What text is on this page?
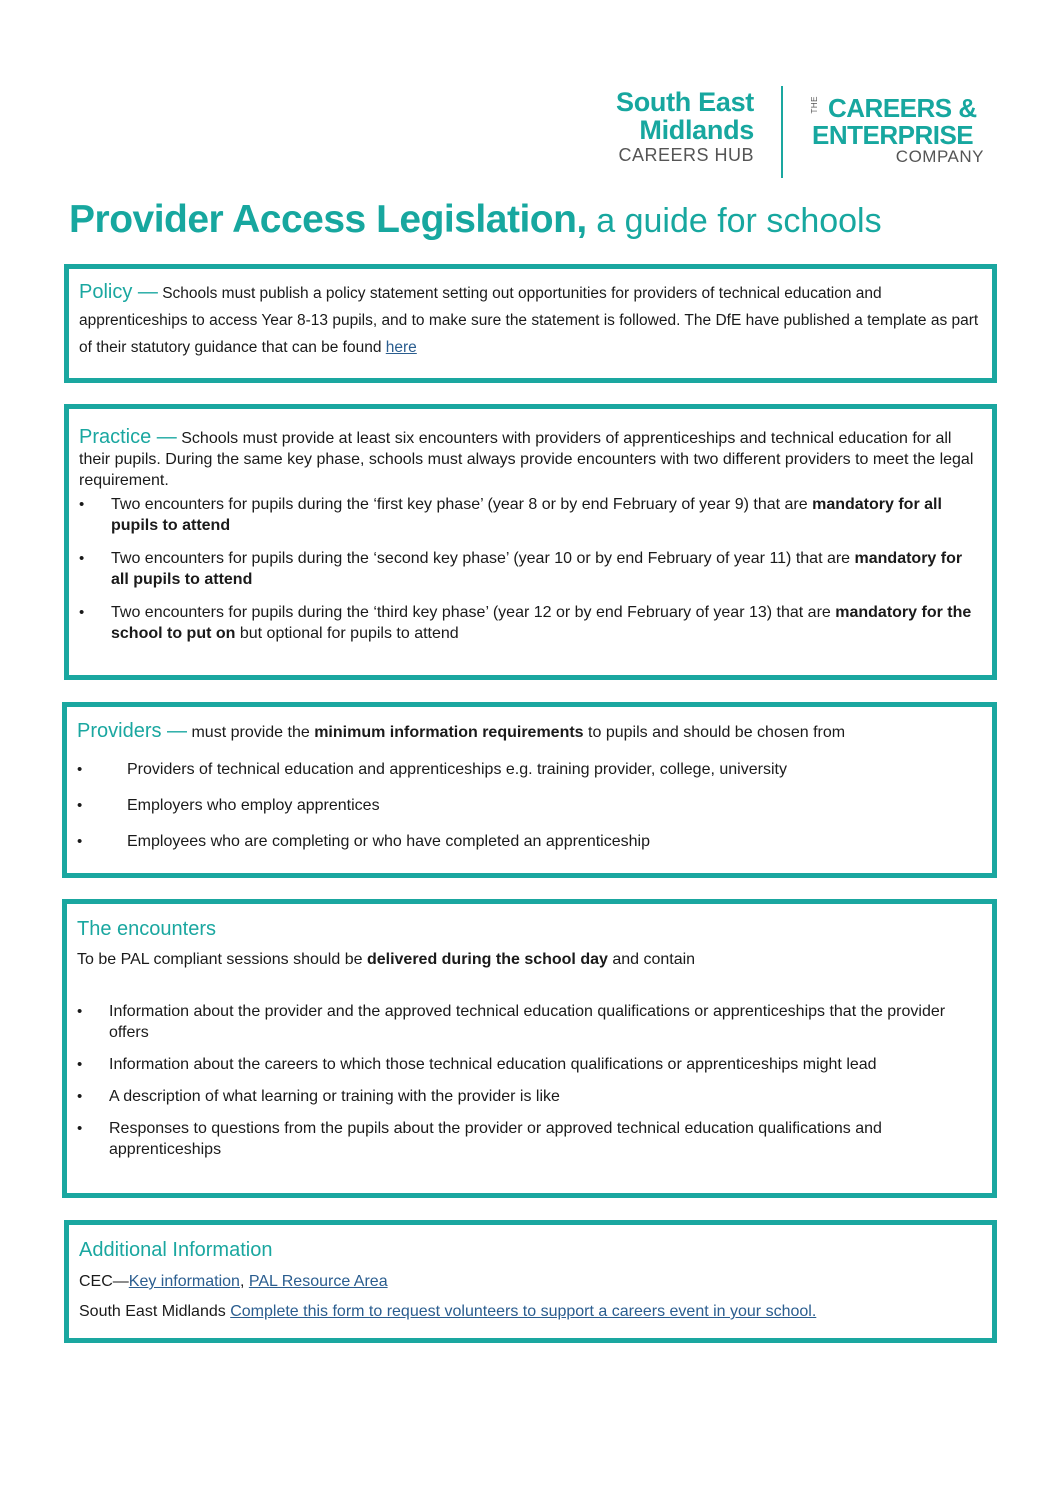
South East
Midlands
CAREERS HUB
THE CAREERS &
ENTERPRISE
COMPANY
Provider Access Legislation, a guide for schools

Policy — Schools must publish a policy statement setting out opportunities for providers of technical education and apprenticeships to access Year 8-13 pupils, and to make sure the statement is followed. The DfE have published a template as part of their statutory guidance that can be found here

Practice — Schools must provide at least six encounters with providers of apprenticeships and technical education for all their pupils. During the same key phase, schools must always provide encounters with two different providers to meet the legal requirement.

• Two encounters for pupils during the ‘first key phase’ (year 8 or by end February of year 9) that are mandatory for all pupils to attend
• Two encounters for pupils during the ‘second key phase’ (year 10 or by end February of year 11) that are mandatory for all pupils to attend
• Two encounters for pupils during the ‘third key phase’ (year 12 or by end February of year 13) that are mandatory for the school to put on but optional for pupils to attend

Providers — must provide the minimum information requirements to pupils and should be chosen from

• Providers of technical education and apprenticeships e.g. training provider, college, university
• Employers who employ apprentices
• Employees who are completing or who have completed an apprenticeship
The encounters

To be PAL compliant sessions should be delivered during the school day and contain

• Information about the provider and the approved technical education qualifications or apprenticeships that the provider offers
• Information about the careers to which those technical education qualifications or apprenticeships might lead
• A description of what learning or training with the provider is like
• Responses to questions from the pupils about the provider or approved technical education qualifications and apprenticeships
Additional Information

CEC—Key information, PAL Resource Area

South East Midlands Complete this form to request volunteers to support a careers event in your school.
